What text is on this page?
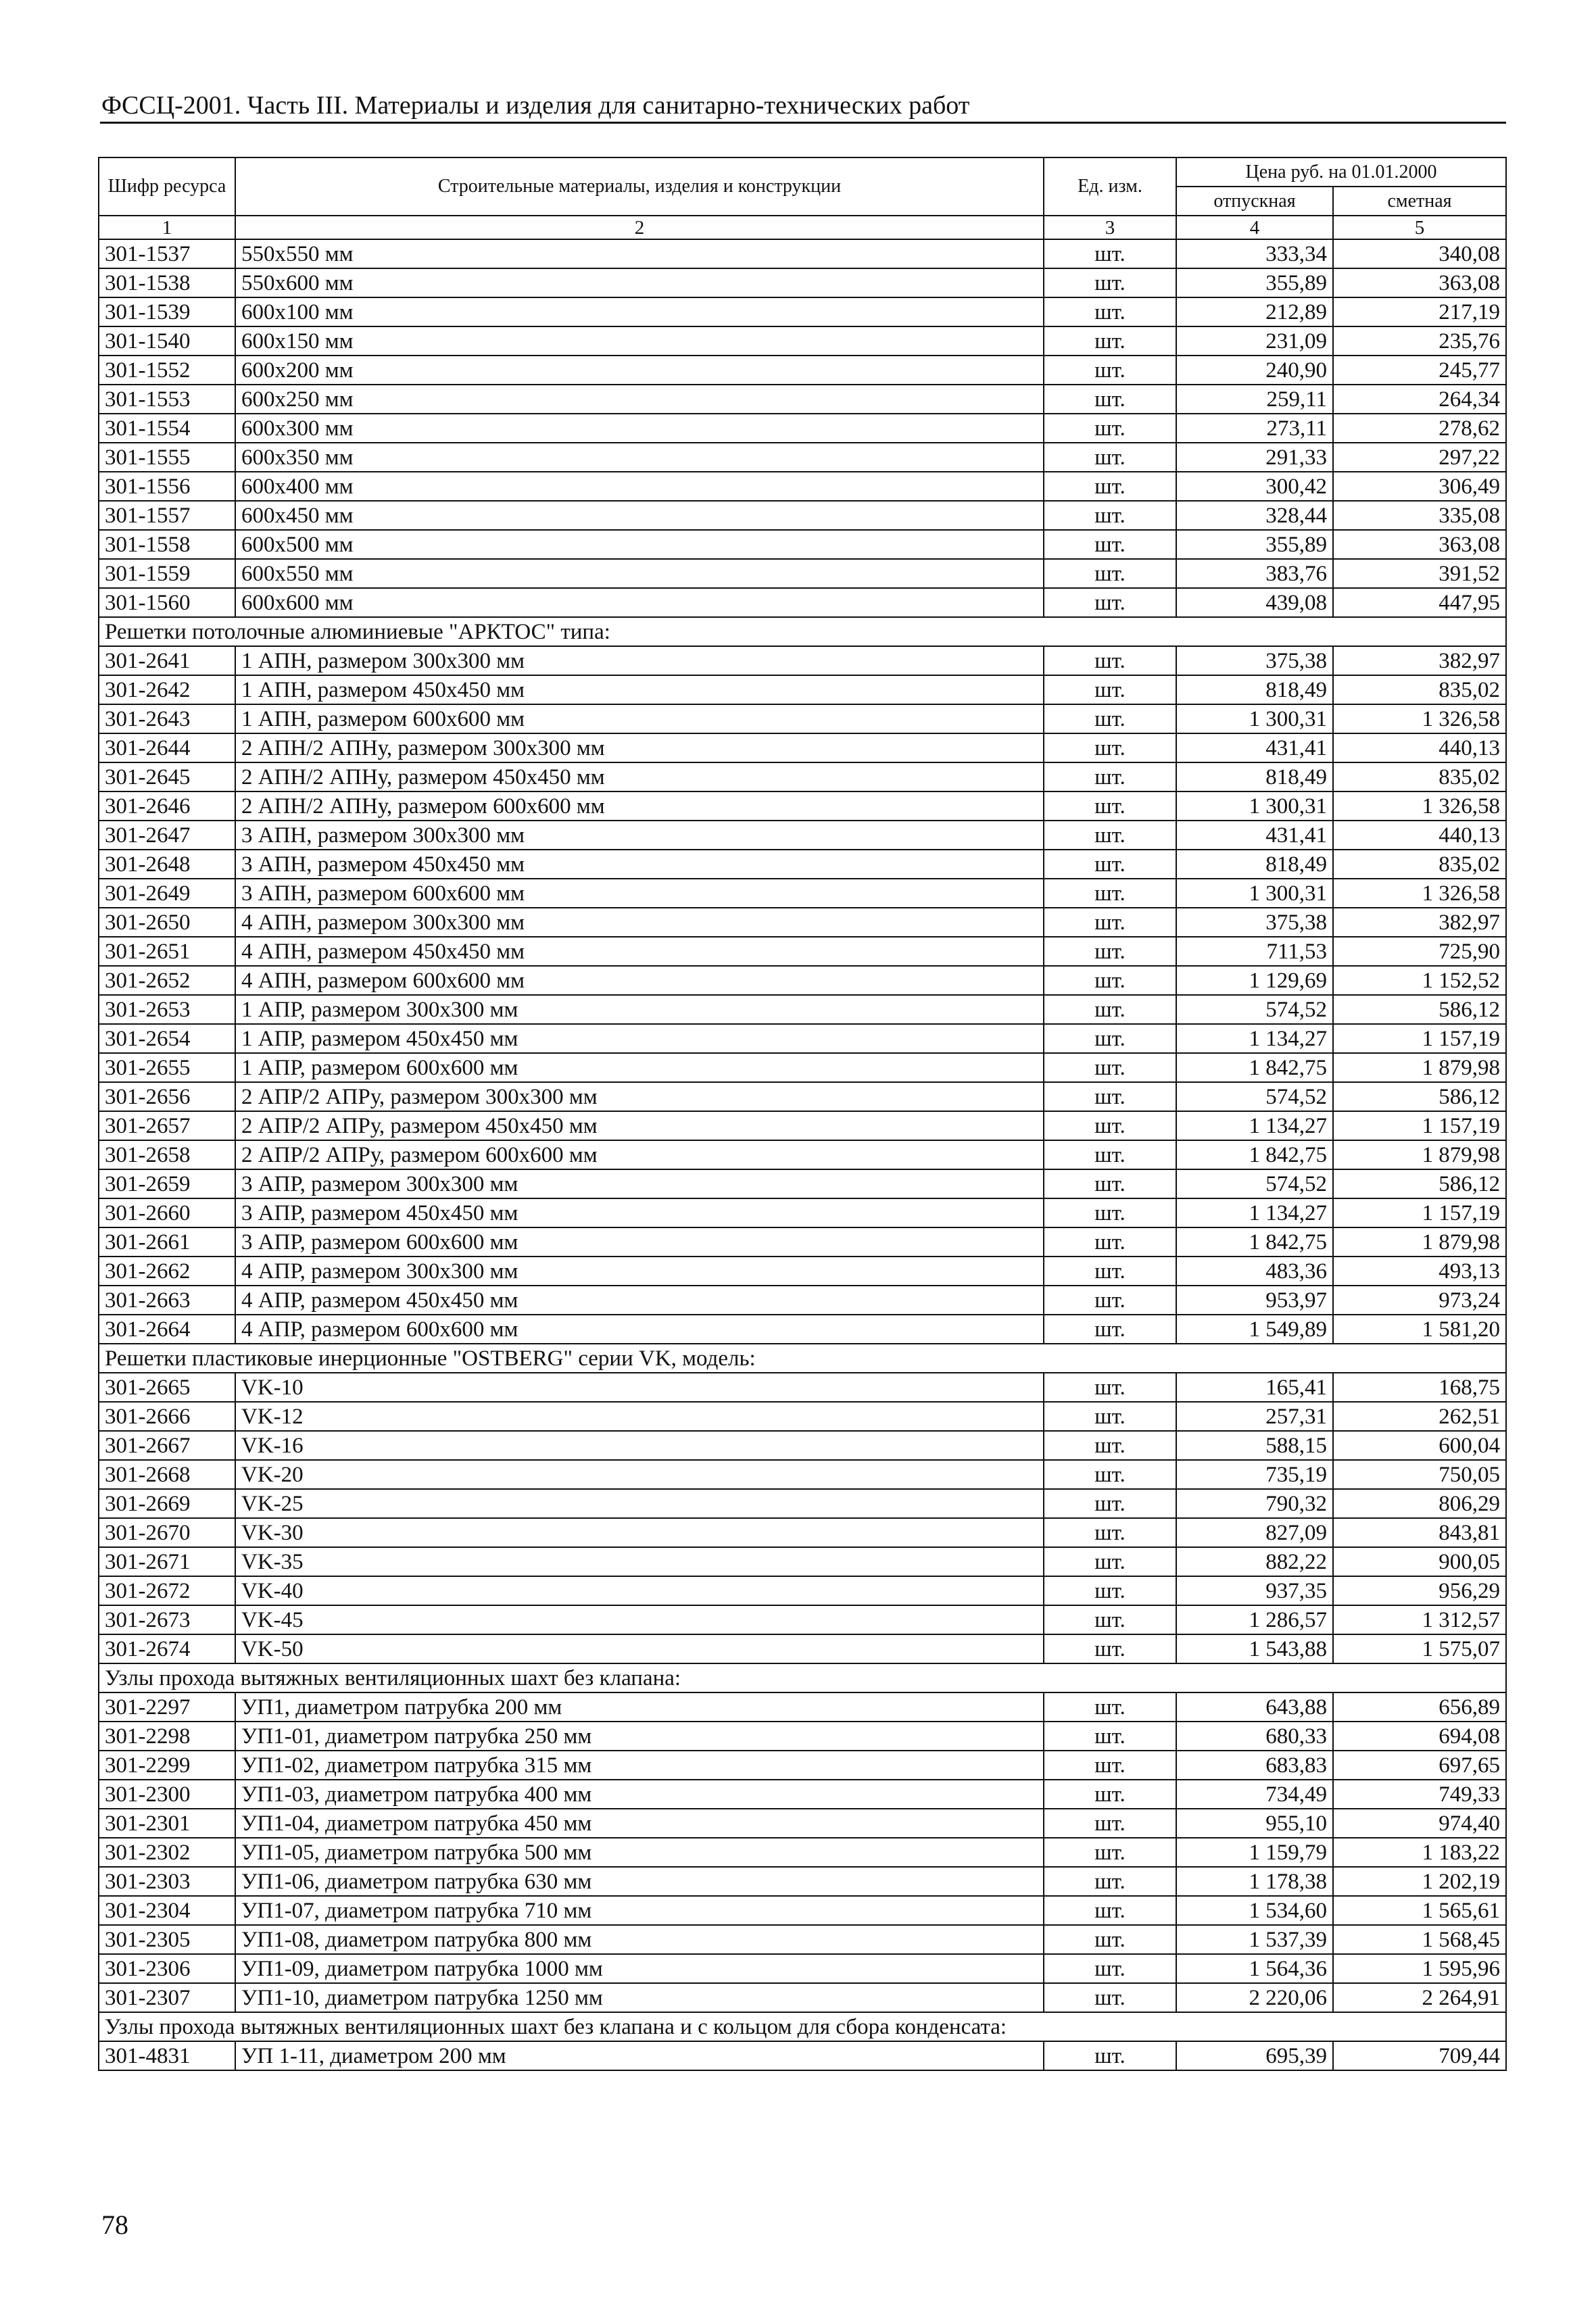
ФССЦ-2001. Часть III. Материалы и изделия для санитарно-технических работ
Шифр ресурса	Строительные материалы, изделия и конструкции	Ед. изм.	Цена руб. на 01.01.2000	
			отпускная	сметная
1	2	3	4	5
301-1537	550x550 мм	шт.	333,34	340,08
301-1538	550x600 мм	шт.	355,89	363,08
301-1539	600x100 мм	шт.	212,89	217,19
301-1540	600x150 мм	шт.	231,09	235,76
301-1552	600x200 мм	шт.	240,90	245,77
301-1553	600x250 мм	шт.	259,11	264,34
301-1554	600x300 мм	шт.	273,11	278,62
301-1555	600x350 мм	шт.	291,33	297,22
301-1556	600x400 мм	шт.	300,42	306,49
301-1557	600x450 мм	шт.	328,44	335,08
301-1558	600x500 мм	шт.	355,89	363,08
301-1559	600x550 мм	шт.	383,76	391,52
301-1560	600x600 мм	шт.	439,08	447,95
Решетки потолочные алюминиевые "АРКТОС" типа:				
301-2641	1 АПН, размером 300x300 мм	шт.	375,38	382,97
301-2642	1 АПН, размером 450x450 мм	шт.	818,49	835,02
301-2643	1 АПН, размером 600x600 мм	шт.	1 300,31	1 326,58
301-2644	2 АПН/2 АПНу, размером 300x300 мм	шт.	431,41	440,13
301-2645	2 АПН/2 АПНу, размером 450x450 мм	шт.	818,49	835,02
301-2646	2 АПН/2 АПНу, размером 600x600 мм	шт.	1 300,31	1 326,58
301-2647	3 АПН, размером 300x300 мм	шт.	431,41	440,13
301-2648	3 АПН, размером 450x450 мм	шт.	818,49	835,02
301-2649	3 АПН, размером 600x600 мм	шт.	1 300,31	1 326,58
301-2650	4 АПН, размером 300x300 мм	шт.	375,38	382,97
301-2651	4 АПН, размером 450x450 мм	шт.	711,53	725,90
301-2652	4 АПН, размером 600x600 мм	шт.	1 129,69	1 152,52
301-2653	1 АПР, размером 300x300 мм	шт.	574,52	586,12
301-2654	1 АПР, размером 450x450 мм	шт.	1 134,27	1 157,19
301-2655	1 АПР, размером 600x600 мм	шт.	1 842,75	1 879,98
301-2656	2 АПР/2 АПРу, размером 300x300 мм	шт.	574,52	586,12
301-2657	2 АПР/2 АПРу, размером 450x450 мм	шт.	1 134,27	1 157,19
301-2658	2 АПР/2 АПРу, размером 600x600 мм	шт.	1 842,75	1 879,98
301-2659	3 АПР, размером 300x300 мм	шт.	574,52	586,12
301-2660	3 АПР, размером 450x450 мм	шт.	1 134,27	1 157,19
301-2661	3 АПР, размером 600x600 мм	шт.	1 842,75	1 879,98
301-2662	4 АПР, размером 300x300 мм	шт.	483,36	493,13
301-2663	4 АПР, размером 450x450 мм	шт.	953,97	973,24
301-2664	4 АПР, размером 600x600 мм	шт.	1 549,89	1 581,20
Решетки пластиковые инерционные "OSTBERG" серии VK, модель:				
301-2665	VK-10	шт.	165,41	168,75
301-2666	VK-12	шт.	257,31	262,51
301-2667	VK-16	шт.	588,15	600,04
301-2668	VK-20	шт.	735,19	750,05
301-2669	VK-25	шт.	790,32	806,29
301-2670	VK-30	шт.	827,09	843,81
301-2671	VK-35	шт.	882,22	900,05
301-2672	VK-40	шт.	937,35	956,29
301-2673	VK-45	шт.	1 286,57	1 312,57
301-2674	VK-50	шт.	1 543,88	1 575,07
Узлы прохода вытяжных вентиляционных шахт без клапана:				
301-2297	УП1, диаметром патрубка 200 мм	шт.	643,88	656,89
301-2298	УП1-01, диаметром патрубка 250 мм	шт.	680,33	694,08
301-2299	УП1-02, диаметром патрубка 315 мм	шт.	683,83	697,65
301-2300	УП1-03, диаметром патрубка 400 мм	шт.	734,49	749,33
301-2301	УП1-04, диаметром патрубка 450 мм	шт.	955,10	974,40
301-2302	УП1-05, диаметром патрубка 500 мм	шт.	1 159,79	1 183,22
301-2303	УП1-06, диаметром патрубка 630 мм	шт.	1 178,38	1 202,19
301-2304	УП1-07, диаметром патрубка 710 мм	шт.	1 534,60	1 565,61
301-2305	УП1-08, диаметром патрубка 800 мм	шт.	1 537,39	1 568,45
301-2306	УП1-09, диаметром патрубка 1000 мм	шт.	1 564,36	1 595,96
301-2307	УП1-10, диаметром патрубка 1250 мм	шт.	2 220,06	2 264,91
Узлы прохода вытяжных вентиляционных шахт без клапана и с кольцом для сбора конденсата:				
301-4831	УП 1-11, диаметром 200 мм	шт.	695,39	709,44
78
